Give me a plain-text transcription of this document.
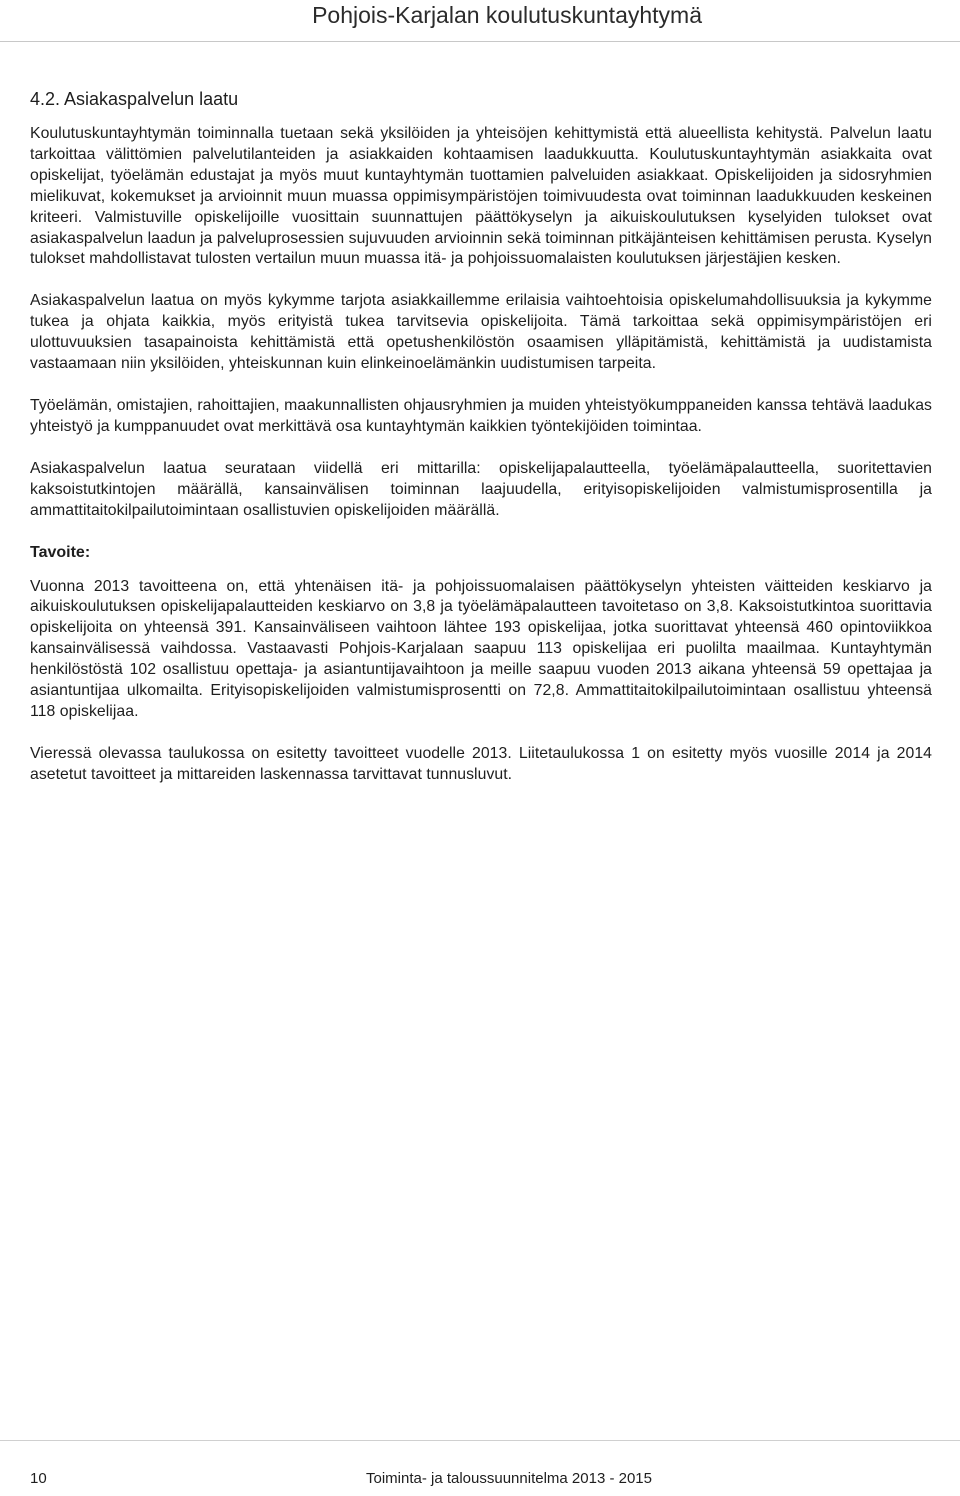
Pohjois-Karjalan koulutuskuntayhtymä
4.2. Asiakaspalvelun laatu

Koulutuskuntayhtymän toiminnalla tuetaan sekä yksilöiden ja yhteisöjen kehittymistä että alueellista kehitystä. Palvelun laatu tarkoittaa välittömien palvelutilanteiden ja asiakkaiden kohtaamisen laadukkuutta. Koulutuskuntayhtymän asiakkaita ovat opiskelijat, työelämän edustajat ja myös muut kuntayhtymän tuottamien palveluiden asiakkaat. Opiskelijoiden ja sidosryhmien mielikuvat, kokemukset ja arvioinnit muun muassa oppimisympäristöjen toimivuudesta ovat toiminnan laadukkuuden keskeinen kriteeri. Valmistuville opiskelijoille vuosittain suunnattujen päättökyselyn ja aikuiskoulutuksen kyselyiden tulokset ovat asiakaspalvelun laadun ja palveluprosessien sujuvuuden arvioinnin sekä toiminnan pitkäjänteisen kehittämisen perusta. Kyselyn tulokset mahdollistavat tulosten vertailun muun muassa itä- ja pohjoissuomalaisten koulutuksen järjestäjien kesken.

Asiakaspalvelun laatua on myös kykymme tarjota asiakkaillemme erilaisia vaihtoehtoisia opiskelumahdollisuuksia ja kykymme tukea ja ohjata kaikkia, myös erityistä tukea tarvitsevia opiskelijoita. Tämä tarkoittaa sekä oppimisympäristöjen eri ulottuvuuksien tasapainoista kehittämistä että opetushenkilöstön osaamisen ylläpitämistä, kehittämistä ja uudistamista vastaamaan niin yksilöiden, yhteiskunnan kuin elinkeinoelämänkin uudistumisen tarpeita.

Työelämän, omistajien, rahoittajien, maakunnallisten ohjausryhmien ja muiden yhteistyökumppaneiden kanssa tehtävä laadukas yhteistyö ja kumppanuudet ovat merkittävä osa kuntayhtymän kaikkien työntekijöiden toimintaa.

Asiakaspalvelun laatua seurataan viidellä eri mittarilla: opiskelijapalautteella, työelämäpalautteella, suoritettavien kaksoistutkintojen määrällä, kansainvälisen toiminnan laajuudella, erityisopiskelijoiden valmistumisprosentilla ja ammattitaitokilpailutoimintaan osallistuvien opiskelijoiden määrällä.

Tavoite:

Vuonna 2013 tavoitteena on, että yhtenäisen itä- ja pohjoissuomalaisen päättökyselyn yhteisten väitteiden keskiarvo ja aikuiskoulutuksen opiskelijapalautteiden keskiarvo on 3,8 ja työelämäpalautteen tavoitetaso on 3,8. Kaksoistutkintoa suorittavia opiskelijoita on yhteensä 391. Kansainväliseen vaihtoon lähtee 193 opiskelijaa, jotka suorittavat yhteensä 460 opintoviikkoa kansainvälisessä vaihdossa. Vastaavasti Pohjois-Karjalaan saapuu 113 opiskelijaa eri puolilta maailmaa. Kuntayhtymän henkilöstöstä 102 osallistuu opettaja- ja asiantuntijavaihtoon ja meille saapuu vuoden 2013 aikana yhteensä 59 opettajaa ja asiantuntijaa ulkomailta. Erityisopiskelijoiden valmistumisprosentti on 72,8. Ammattitaitokilpailutoimintaan osallistuu yhteensä 118 opiskelijaa.

Vieressä olevassa taulukossa on esitetty tavoitteet vuodelle 2013. Liitetaulukossa 1 on esitetty myös vuosille 2014 ja 2014 asetetut tavoitteet ja mittareiden laskennassa tarvittavat tunnusluvut.

10	Toiminta- ja taloussuunnitelma 2013 - 2015
